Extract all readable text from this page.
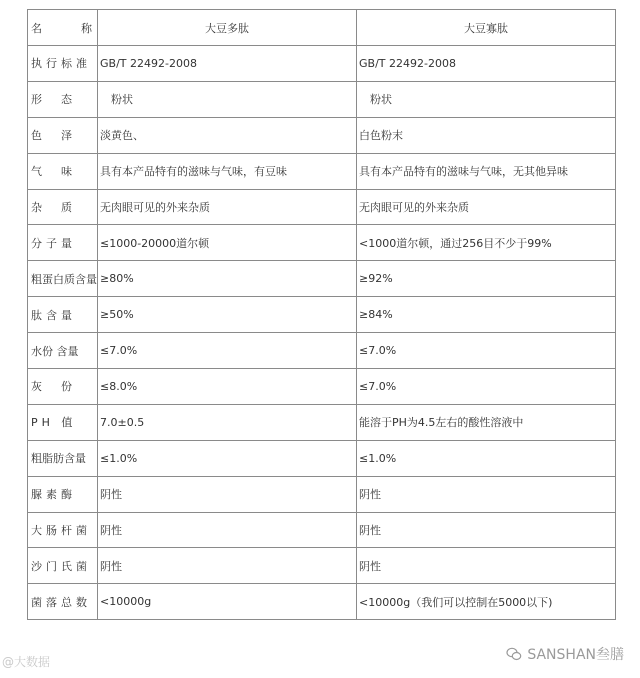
名　称	大豆多肽	大豆寡肽
执行标准	GB/T 22492-2008	GB/T 22492-2008
形　态	　粉状	　粉状
色　泽	淡黄色、	白色粉末
气　味	具有本产品特有的滋味与气味，有豆味	具有本产品特有的滋味与气味，无其他异味
杂　质	无肉眼可见的外来杂质	无肉眼可见的外来杂质
分子量	≤1000-20000道尔顿	<1000道尔顿，通过256目不少于99%
粗蛋白质含量	≥80%	≥92%
肽含量	≥50%	≥84%
水份 含量	≤7.0%	≤7.0%
灰　份	≤8.0%	≤7.0%
PH 值	7.0±0.5	能溶于PH为4.5左右的酸性溶液中
粗脂肪含量	≤1.0%	≤1.0%
脲素酶	阴性	阴性
大肠杆菌	阴性	阴性
沙门氏菌	阴性	阴性
菌落总数	<10000g	<10000g（我们可以控制在5000以下)
@大数据	SANSHAN叁膳
